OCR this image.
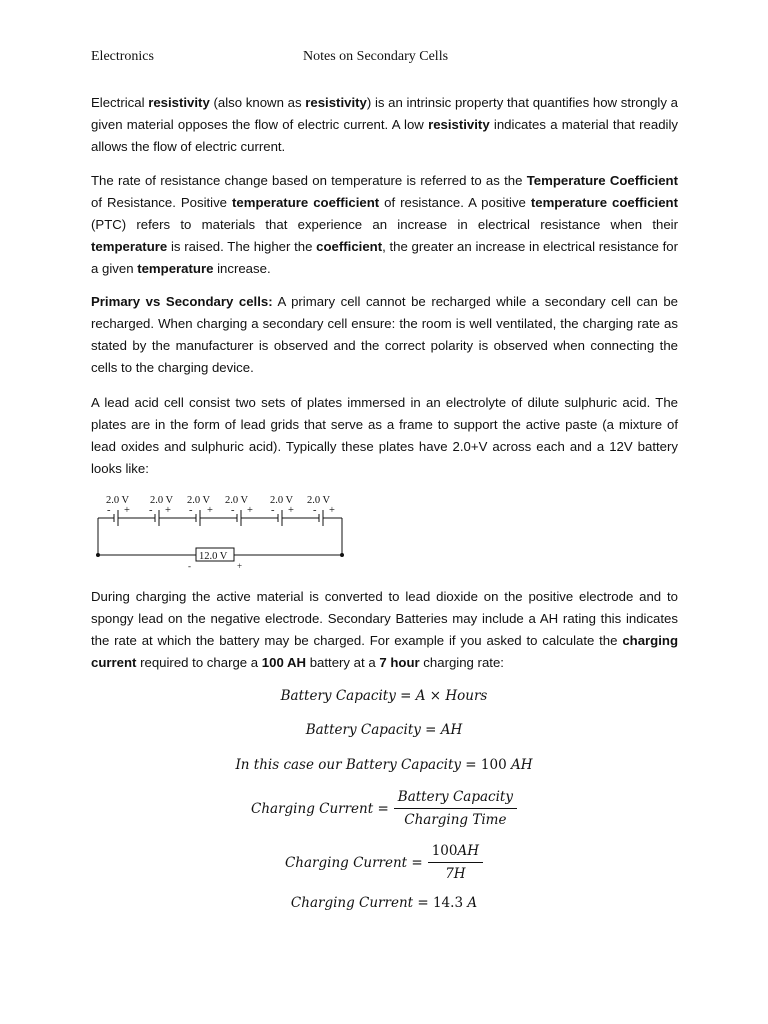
Electronics	Notes on Secondary Cells

Electrical resistivity (also known as resistivity) is an intrinsic property that quantifies how strongly a given material opposes the flow of electric current. A low resistivity indicates a material that readily allows the flow of electric current.

The rate of resistance change based on temperature is referred to as the Temperature Coefficient of Resistance. Positive temperature coefficient of resistance. A positive temperature coefficient (PTC) refers to materials that experience an increase in electrical resistance when their temperature is raised. The higher the coefficient, the greater an increase in electrical resistance for a given temperature increase.

Primary vs Secondary cells: A primary cell cannot be recharged while a secondary cell can be recharged. When charging a secondary cell ensure: the room is well ventilated, the charging rate as stated by the manufacturer is observed and the correct polarity is observed when connecting the cells to the charging device.

A lead acid cell consist two sets of plates immersed in an electrolyte of dilute sulphuric acid. The plates are in the form of lead grids that serve as a frame to support the active paste (a mixture of lead oxides and sulphuric acid). Typically these plates have 2.0+V across each and a 12V battery looks like:

2.0 V 2.0 V 2.0 V 2.0 V 2.0 V 2.0 V
- + - + - + - + - + - +
12.0 V
-	+

During charging the active material is converted to lead dioxide on the positive electrode and to spongy lead on the negative electrode. Secondary Batteries may include a AH rating this indicates the rate at which the battery may be charged. For example if you asked to calculate the charging current required to charge a 100 AH battery at a 7 hour charging rate:

Battery Capacity = A × Hours
Battery Capacity = AH
In this case our Battery Capacity = 100 AH
Charging Current = $\frac{\text{Battery Capacity}}{\text{Charging Time}}$
Charging Current = $\frac{100AH}{7H}$
Charging Current = 14.3 A
